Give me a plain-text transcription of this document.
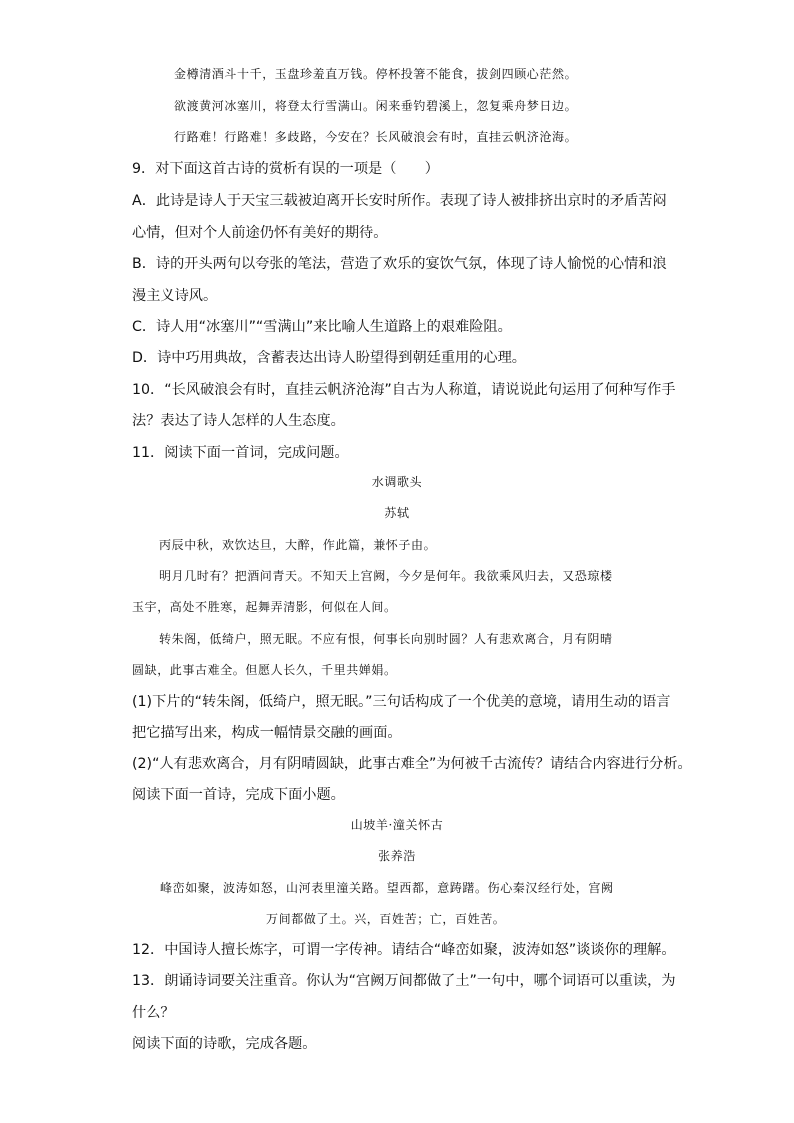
金樽清酒斗十千，玉盘珍羞直万钱。停杯投箸不能食，拔剑四顾心茫然。
欲渡黄河冰塞川，将登太行雪满山。闲来垂钓碧溪上，忽复乘舟梦日边。
行路难！行路难！多歧路，今安在？长风破浪会有时，直挂云帆济沧海。
9．对下面这首古诗的赏析有误的一项是（　　）
A．此诗是诗人于天宝三载被迫离开长安时所作。表现了诗人被排挤出京时的矛盾苦闷
心情，但对个人前途仍怀有美好的期待。
B．诗的开头两句以夸张的笔法，营造了欢乐的宴饮气氛，体现了诗人愉悦的心情和浪
漫主义诗风。
C．诗人用“冰塞川”“雪满山”来比喻人生道路上的艰难险阻。
D．诗中巧用典故，含蓄表达出诗人盼望得到朝廷重用的心理。
10．“长风破浪会有时，直挂云帆济沧海”自古为人称道，请说说此句运用了何种写作手
法？表达了诗人怎样的人生态度。
11．阅读下面一首词，完成问题。
水调歌头
苏轼
丙辰中秋，欢饮达旦，大醉，作此篇，兼怀子由。
明月几时有？把酒问青天。不知天上宫阙，今夕是何年。我欲乘风归去，又恐琼楼
玉宇，高处不胜寒，起舞弄清影，何似在人间。
转朱阁，低绮户，照无眠。不应有恨，何事长向别时圆？人有悲欢离合，月有阴晴
圆缺，此事古难全。但愿人长久，千里共婵娟。
(1)下片的“转朱阁，低绮户，照无眠。”三句话构成了一个优美的意境，请用生动的语言
把它描写出来，构成一幅情景交融的画面。
(2)“人有悲欢离合，月有阴晴圆缺，此事古难全”为何被千古流传？请结合内容进行分析。
阅读下面一首诗，完成下面小题。
山坡羊·潼关怀古
张养浩
峰峦如聚，波涛如怒，山河表里潼关路。望西都，意踌躇。伤心秦汉经行处，宫阙
万间都做了土。兴，百姓苦；亡，百姓苦。
12．中国诗人擅长炼字，可谓一字传神。请结合“峰峦如聚，波涛如怒”谈谈你的理解。
13．朗诵诗词要关注重音。你认为“宫阙万间都做了土”一句中，哪个词语可以重读，为
什么？
阅读下面的诗歌，完成各题。
